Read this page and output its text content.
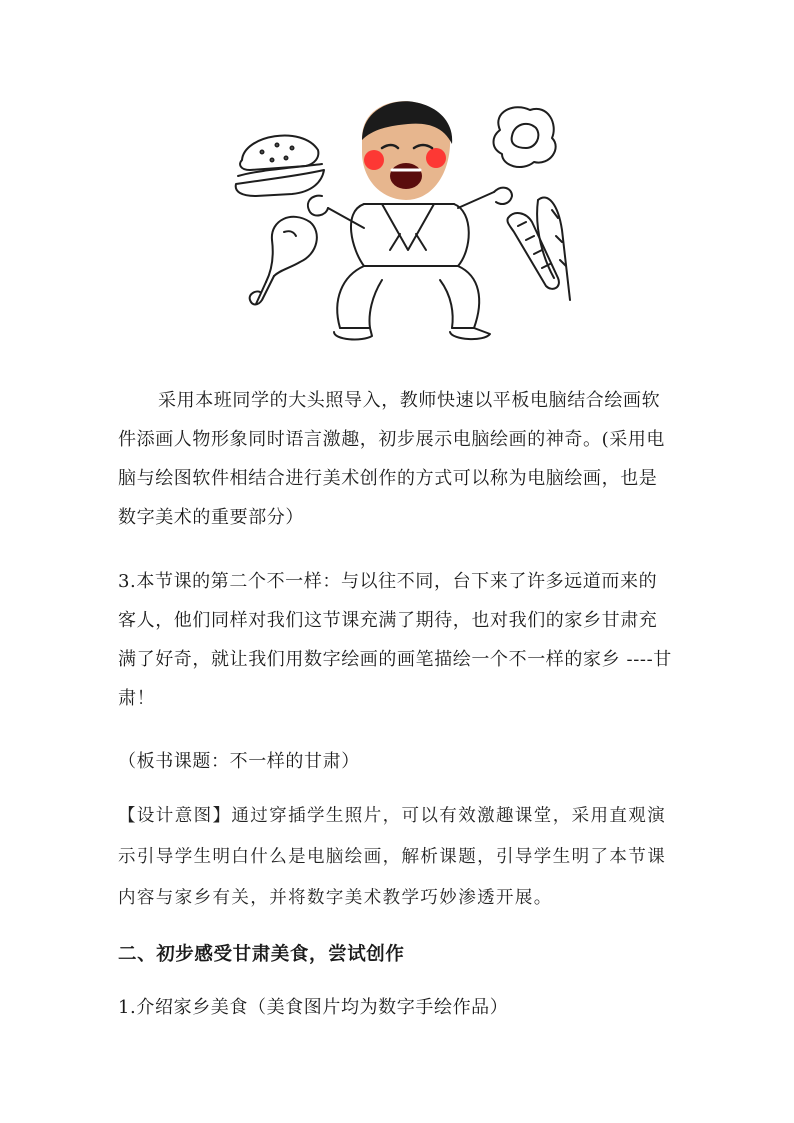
采用本班同学的大头照导入，教师快速以平板电脑结合绘画软件添画人物形象同时语言激趣，初步展示电脑绘画的神奇。(采用电脑与绘图软件相结合进行美术创作的方式可以称为电脑绘画，也是数字美术的重要部分）

3.本节课的第二个不一样：与以往不同，台下来了许多远道而来的客人，他们同样对我们这节课充满了期待，也对我们的家乡甘肃充满了好奇，就让我们用数字绘画的画笔描绘一个不一样的家乡 ----甘肃！

（板书课题：不一样的甘肃）

【设计意图】通过穿插学生照片，可以有效激趣课堂，采用直观演示引导学生明白什么是电脑绘画，解析课题，引导学生明了本节课内容与家乡有关，并将数字美术教学巧妙渗透开展。

二、初步感受甘肃美食，尝试创作

1.介绍家乡美食（美食图片均为数字手绘作品）
